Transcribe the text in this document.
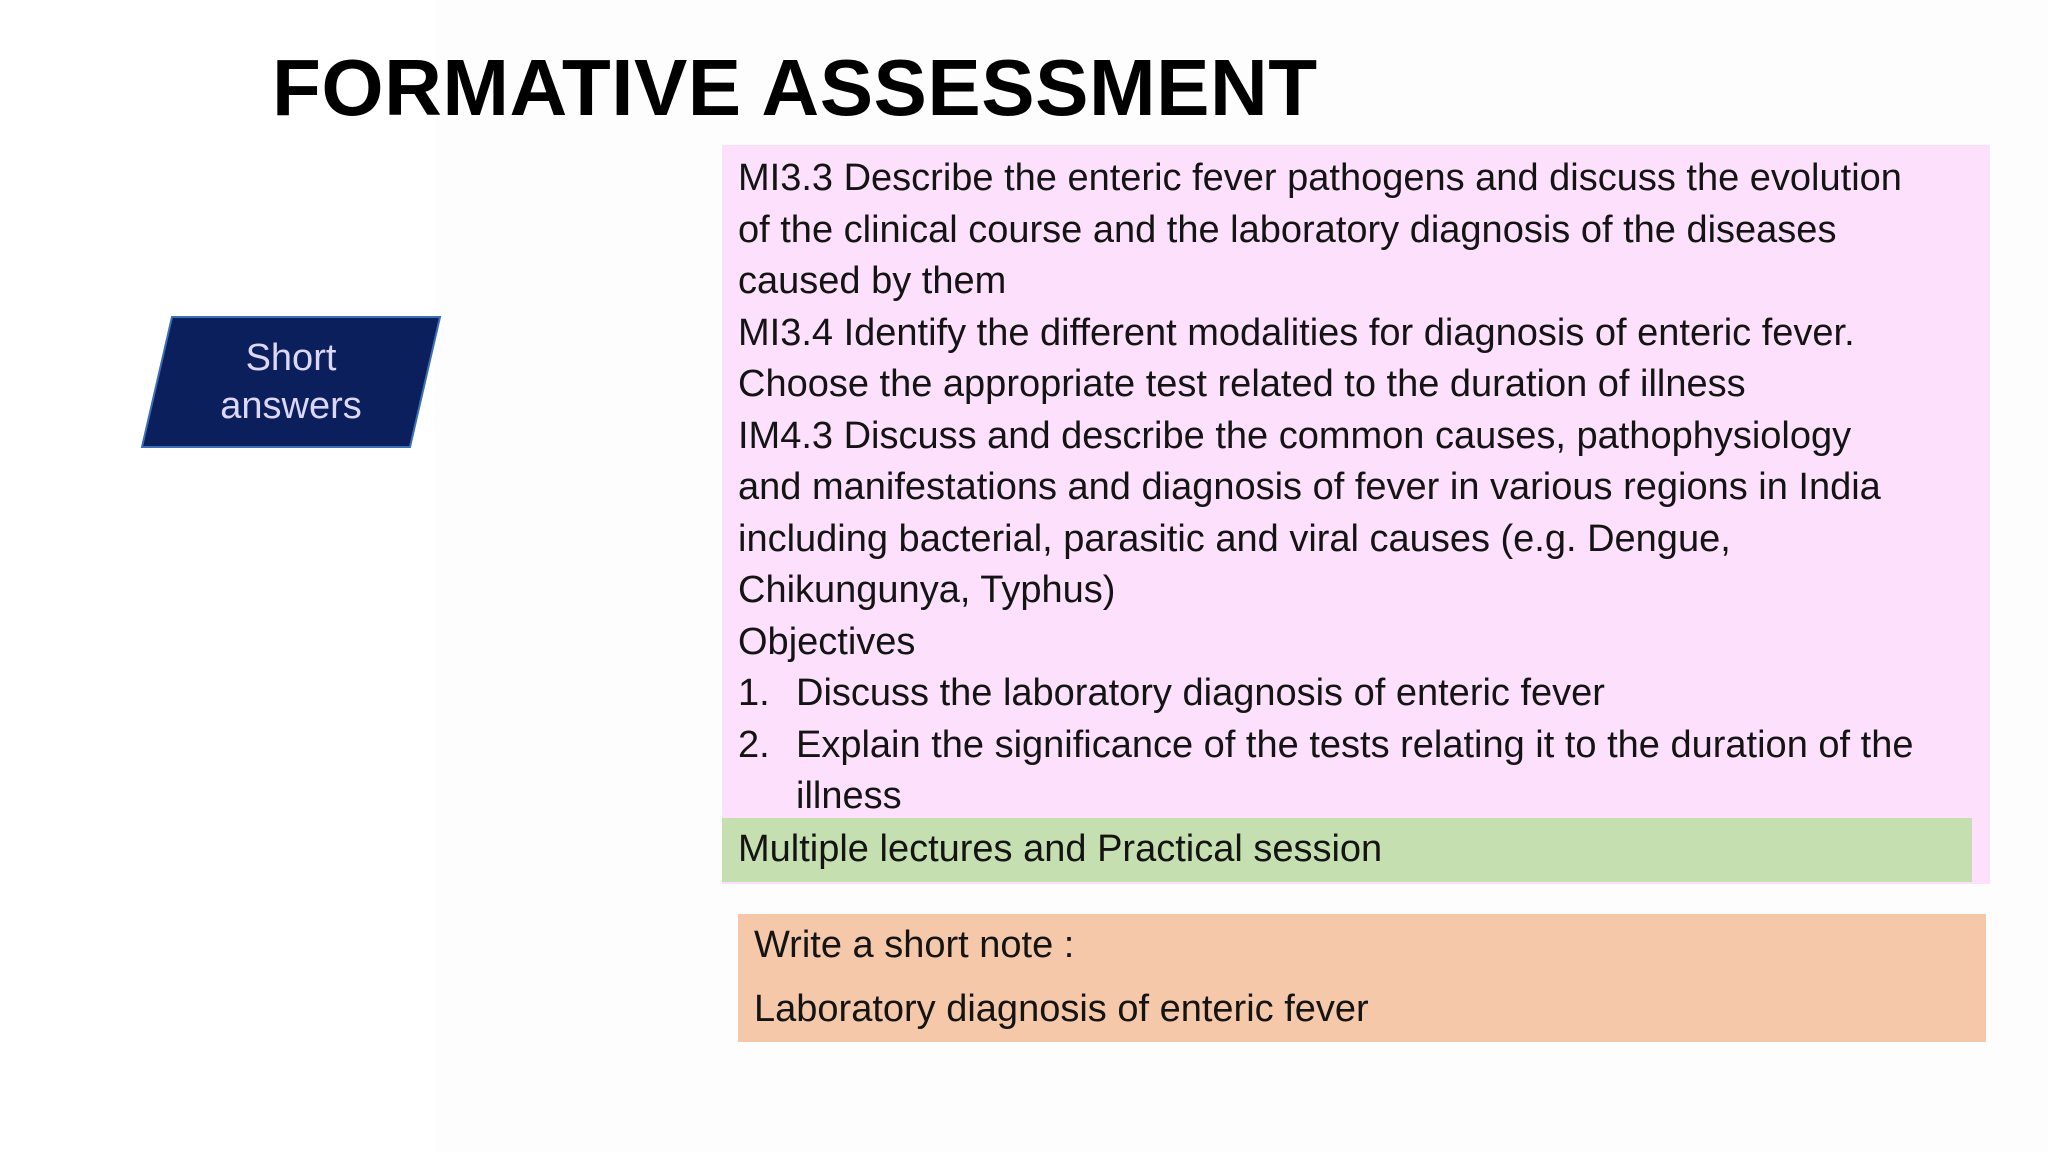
FORMATIVE ASSESSMENT
Short
answers
MI3.3 Describe the enteric fever pathogens and discuss the evolution
of the clinical course and the laboratory diagnosis of the diseases
caused by them
MI3.4 Identify the different modalities for diagnosis of enteric fever.
Choose the appropriate test related to the duration of illness
IM4.3 Discuss and describe the common causes, pathophysiology
and manifestations and diagnosis of fever in various regions in India
including bacterial, parasitic and viral causes (e.g. Dengue,
Chikungunya, Typhus)
Objectives
1. Discuss the laboratory diagnosis of enteric fever
2. Explain the significance of the tests relating it to the duration of the
illness
Multiple lectures and Practical session
Write a short note :
Laboratory diagnosis of enteric fever
